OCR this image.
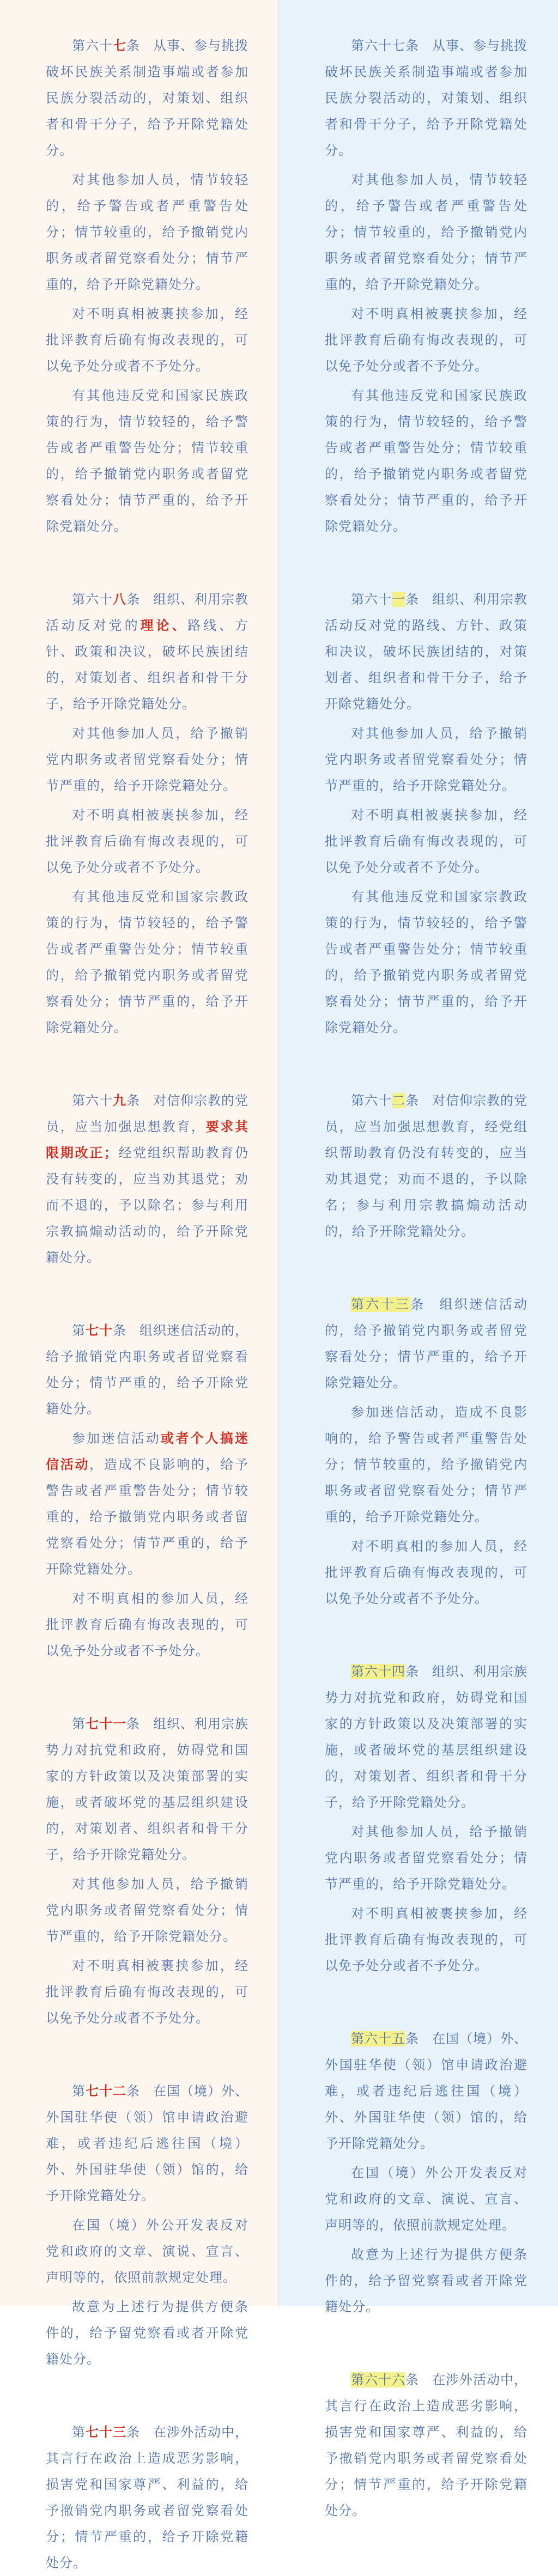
第六十七条 从事、参与挑拨破坏民族关系制造事端或者参加民族分裂活动的，对策划、组织者和骨干分子，给予开除党籍处分。

对其他参加人员，情节较轻的，给予警告或者严重警告处分；情节较重的，给予撤销党内职务或者留党察看处分；情节严重的，给予开除党籍处分。

对不明真相被裹挟参加，经批评教育后确有悔改表现的，可以免予处分或者不予处分。

有其他违反党和国家民族政策的行为，情节较轻的，给予警告或者严重警告处分；情节较重的，给予撤销党内职务或者留党察看处分；情节严重的，给予开除党籍处分。

第六十八条 组织、利用宗教活动反对党的理论、路线、方针、政策和决议，破坏民族团结的，对策划者、组织者和骨干分子，给予开除党籍处分。

对其他参加人员，给予撤销党内职务或者留党察看处分；情节严重的，给予开除党籍处分。

对不明真相被裹挟参加，经批评教育后确有悔改表现的，可以免予处分或者不予处分。

有其他违反党和国家宗教政策的行为，情节较轻的，给予警告或者严重警告处分；情节较重的，给予撤销党内职务或者留党察看处分；情节严重的，给予开除党籍处分。

第六十九条 对信仰宗教的党员，应当加强思想教育，要求其限期改正；经党组织帮助教育仍没有转变的，应当劝其退党；劝而不退的，予以除名；参与利用宗教搞煽动活动的，给予开除党籍处分。

第七十条 组织迷信活动的，给予撤销党内职务或者留党察看处分；情节严重的，给予开除党籍处分。

参加迷信活动或者个人搞迷信活动，造成不良影响的，给予警告或者严重警告处分；情节较重的，给予撤销党内职务或者留党察看处分；情节严重的，给予开除党籍处分。

对不明真相的参加人员，经批评教育后确有悔改表现的，可以免予处分或者不予处分。

第七十一条 组织、利用宗族势力对抗党和政府，妨碍党和国家的方针政策以及决策部署的实施，或者破坏党的基层组织建设的，对策划者、组织者和骨干分子，给予开除党籍处分。

对其他参加人员，给予撤销党内职务或者留党察看处分；情节严重的，给予开除党籍处分。

对不明真相被裹挟参加，经批评教育后确有悔改表现的，可以免予处分或者不予处分。

第七十二条 在国（境）外、外国驻华使（领）馆申请政治避难，或者违纪后逃往国（境）外、外国驻华使（领）馆的，给予开除党籍处分。

在国（境）外公开发表反对党和政府的文章、演说、宣言、声明等的，依照前款规定处理。

故意为上述行为提供方便条件的，给予留党察看或者开除党籍处分。

第七十三条 在涉外活动中，其言行在政治上造成恶劣影响，损害党和国家尊严、利益的，给予撤销党内职务或者留党察看处分；情节严重的，给予开除党籍处分。

第六十七条 从事、参与挑拨破坏民族关系制造事端或者参加民族分裂活动的，对策划、组织者和骨干分子，给予开除党籍处分。

对其他参加人员，情节较轻的，给予警告或者严重警告处分；情节较重的，给予撤销党内职务或者留党察看处分；情节严重的，给予开除党籍处分。

对不明真相被裹挟参加，经批评教育后确有悔改表现的，可以免予处分或者不予处分。

有其他违反党和国家民族政策的行为，情节较轻的，给予警告或者严重警告处分；情节较重的，给予撤销党内职务或者留党察看处分；情节严重的，给予开除党籍处分。

第六十一条 组织、利用宗教活动反对党的路线、方针、政策和决议，破坏民族团结的，对策划者、组织者和骨干分子，给予开除党籍处分。

对其他参加人员，给予撤销党内职务或者留党察看处分；情节严重的，给予开除党籍处分。

对不明真相被裹挟参加，经批评教育后确有悔改表现的，可以免予处分或者不予处分。

有其他违反党和国家宗教政策的行为，情节较轻的，给予警告或者严重警告处分；情节较重的，给予撤销党内职务或者留党察看处分；情节严重的，给予开除党籍处分。

第六十二条 对信仰宗教的党员，应当加强思想教育，经党组织帮助教育仍没有转变的，应当劝其退党；劝而不退的，予以除名；参与利用宗教搞煽动活动的，给予开除党籍处分。

第六十三条 组织迷信活动的，给予撤销党内职务或者留党察看处分；情节严重的，给予开除党籍处分。

参加迷信活动，造成不良影响的，给予警告或者严重警告处分；情节较重的，给予撤销党内职务或者留党察看处分；情节严重的，给予开除党籍处分。

对不明真相的参加人员，经批评教育后确有悔改表现的，可以免予处分或者不予处分。

第六十四条 组织、利用宗族势力对抗党和政府，妨碍党和国家的方针政策以及决策部署的实施，或者破坏党的基层组织建设的，对策划者、组织者和骨干分子，给予开除党籍处分。

对其他参加人员，给予撤销党内职务或者留党察看处分；情节严重的，给予开除党籍处分。

对不明真相被裹挟参加，经批评教育后确有悔改表现的，可以免予处分或者不予处分。

第六十五条 在国（境）外、外国驻华使（领）馆申请政治避难，或者违纪后逃往国（境）外、外国驻华使（领）馆的，给予开除党籍处分。

在国（境）外公开发表反对党和政府的文章、演说、宣言、声明等的，依照前款规定处理。

故意为上述行为提供方便条件的，给予留党察看或者开除党籍处分。

第六十六条 在涉外活动中，其言行在政治上造成恶劣影响，损害党和国家尊严、利益的，给予撤销党内职务或者留党察看处分；情节严重的，给予开除党籍处分。
